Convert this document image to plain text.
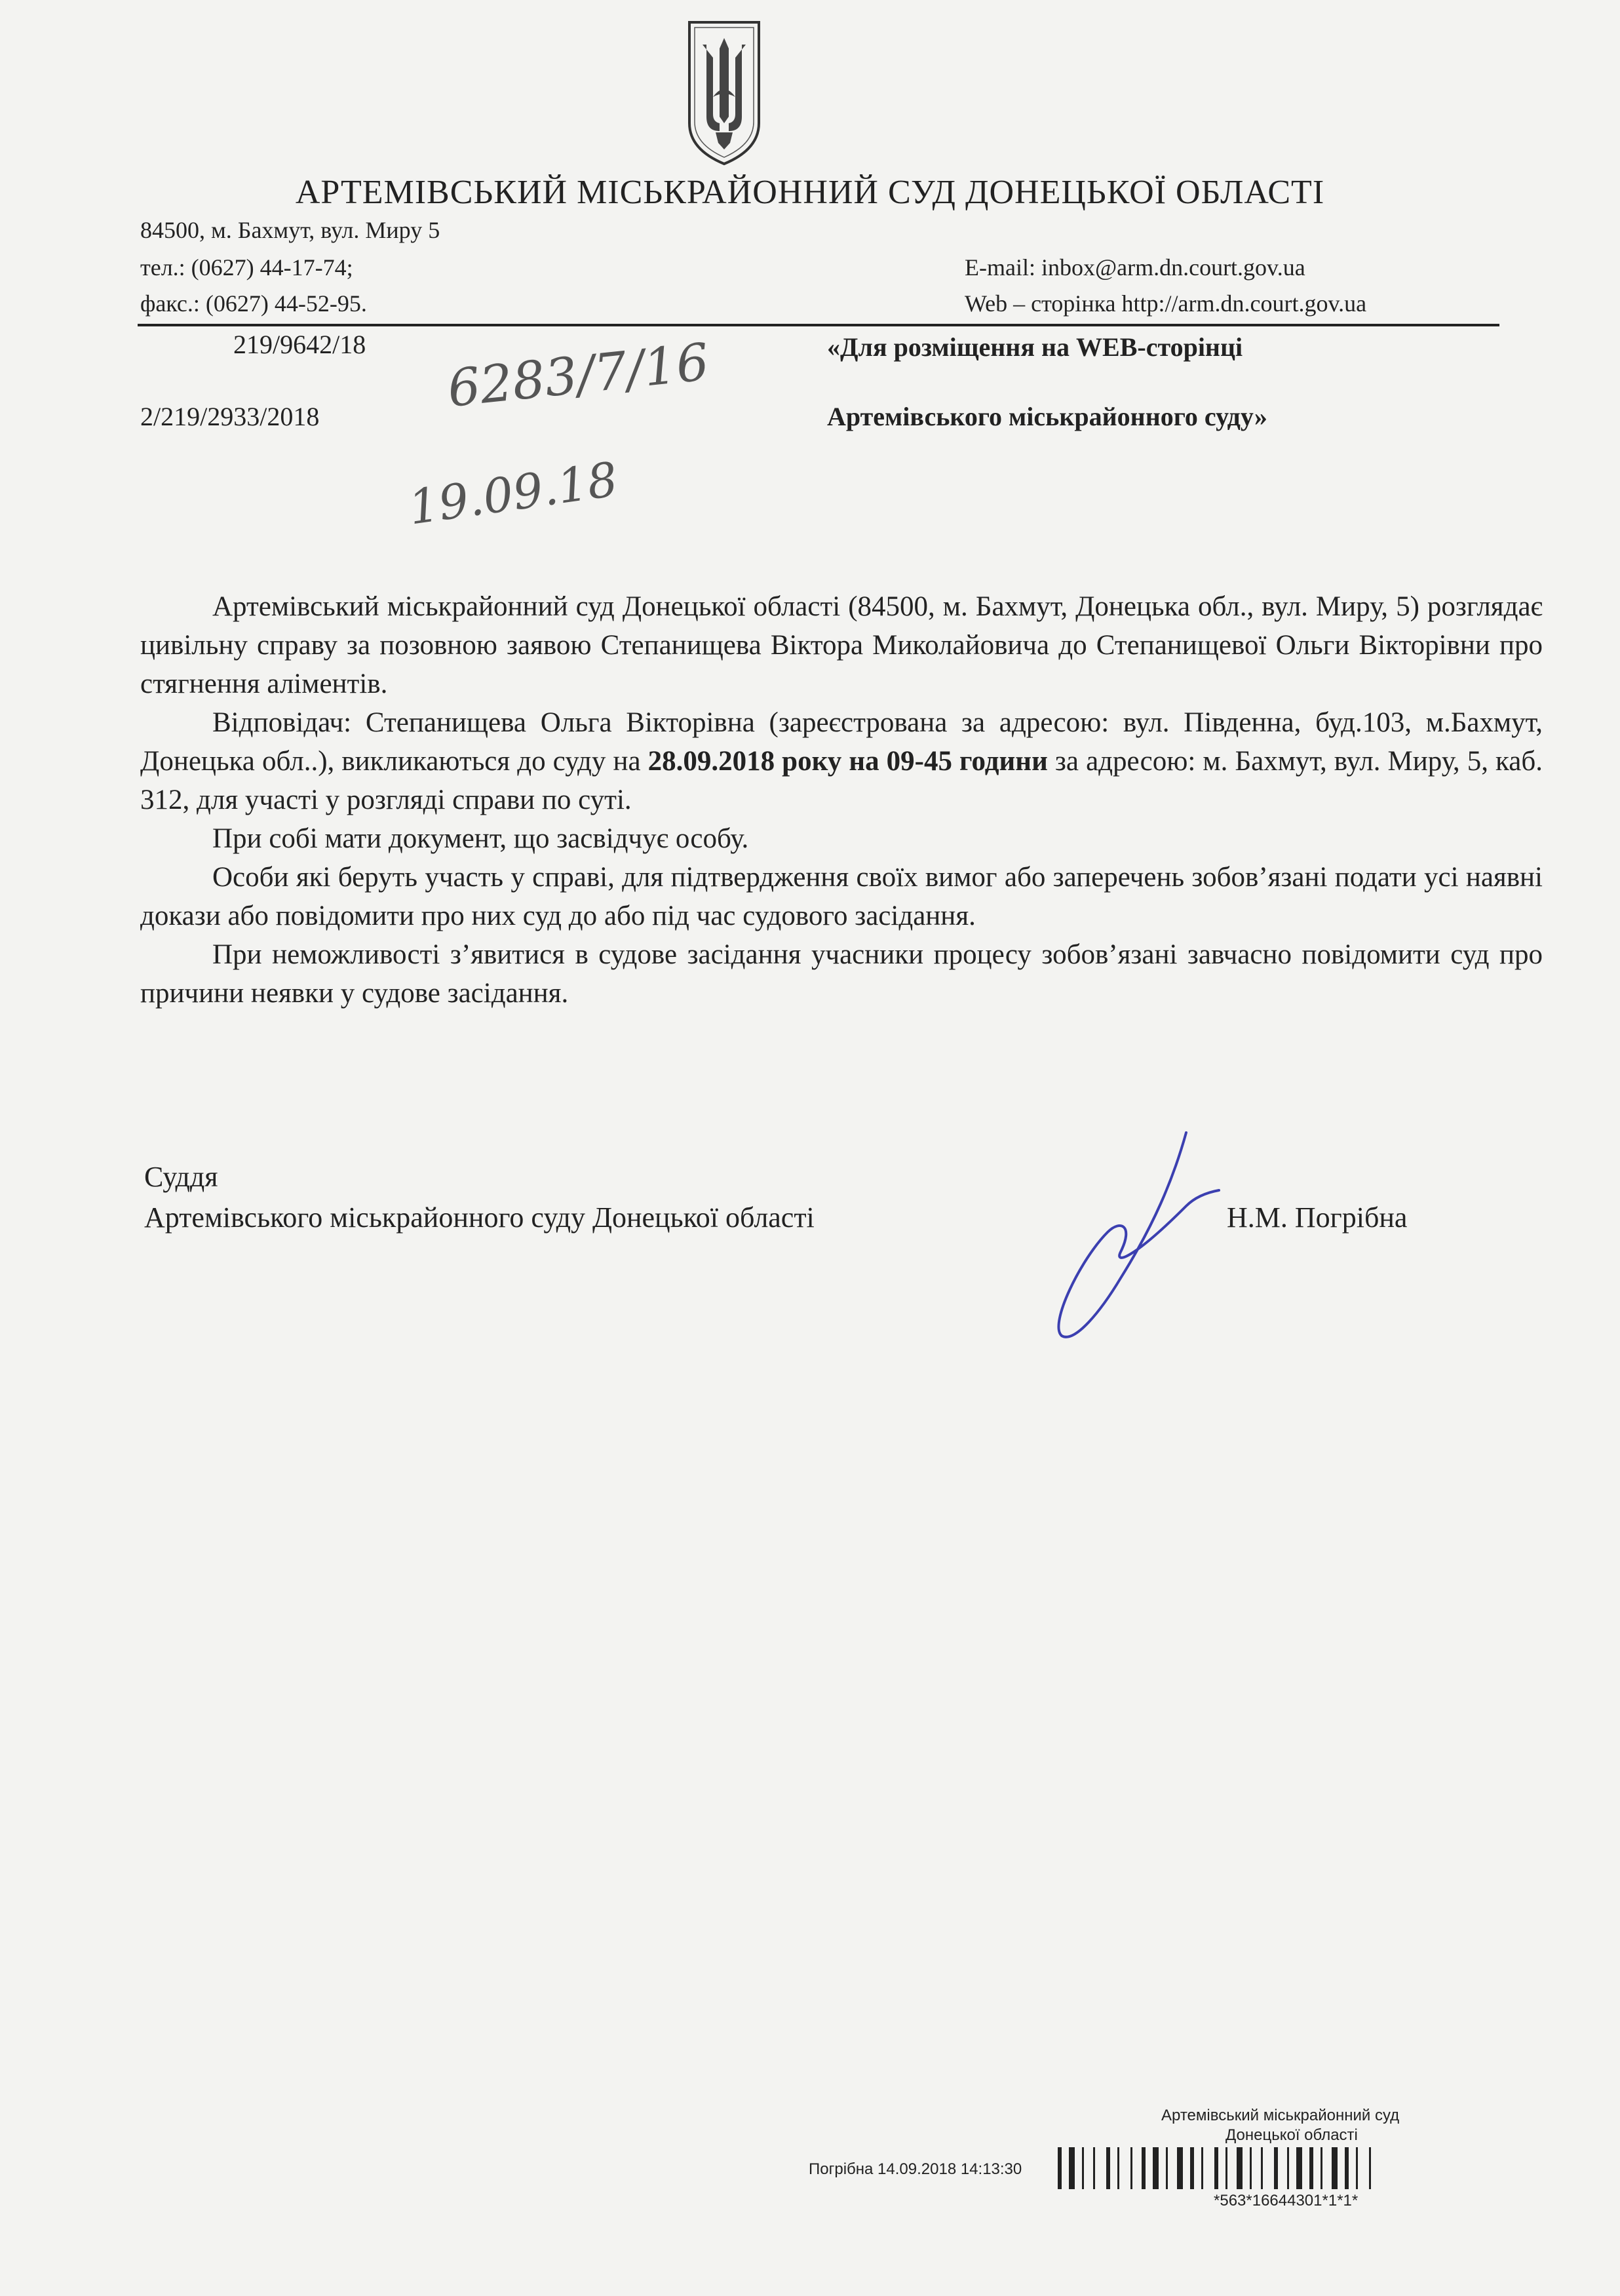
АРТЕМІВСЬКИЙ МІСЬКРАЙОННИЙ СУД ДОНЕЦЬКОЇ ОБЛАСТІ
84500, м. Бахмут, вул. Миру 5
тел.: (0627) 44-17-74;
факс.: (0627) 44-52-95.
E-mail: inbox@arm.dn.court.gov.ua
Web – сторінка http://arm.dn.court.gov.ua
219/9642/18
2/219/2933/2018 6283/7/16
19.09.18
«Для розміщення на WEB-сторінці
Артемівського міськрайонного суду»

Артемівський міськрайонний суд Донецької області (84500, м. Бахмут, Донецька обл., вул. Миру, 5) розглядає цивільну справу за позовною заявою Степанищева Віктора Миколайовича до Степанищевої Ольги Вікторівни про стягнення аліментів.

Відповідач: Степанищева Ольга Вікторівна (зареєстрована за адресою: вул. Південна, буд.103, м.Бахмут, Донецька обл..), викликаються до суду на 28.09.2018 року на 09-45 години за адресою: м. Бахмут, вул. Миру, 5, каб. 312, для участі у розгляді справи по суті.

При собі мати документ, що засвідчує особу.

Особи які беруть участь у справі, для підтвердження своїх вимог або заперечень зобов’язані подати усі наявні докази або повідомити про них суд до або під час судового засідання.

При неможливості з’явитися в судове засідання учасники процесу зобов’язані завчасно повідомити суд про причини неявки у судове засідання.

Суддя
Артемівського міськрайонного суду Донецької області	Н.М. Погрібна
Артемівський міськрайонний суд
Донецької області
Погрібна 14.09.2018 14:13:30
*563*16644301*1*1*
